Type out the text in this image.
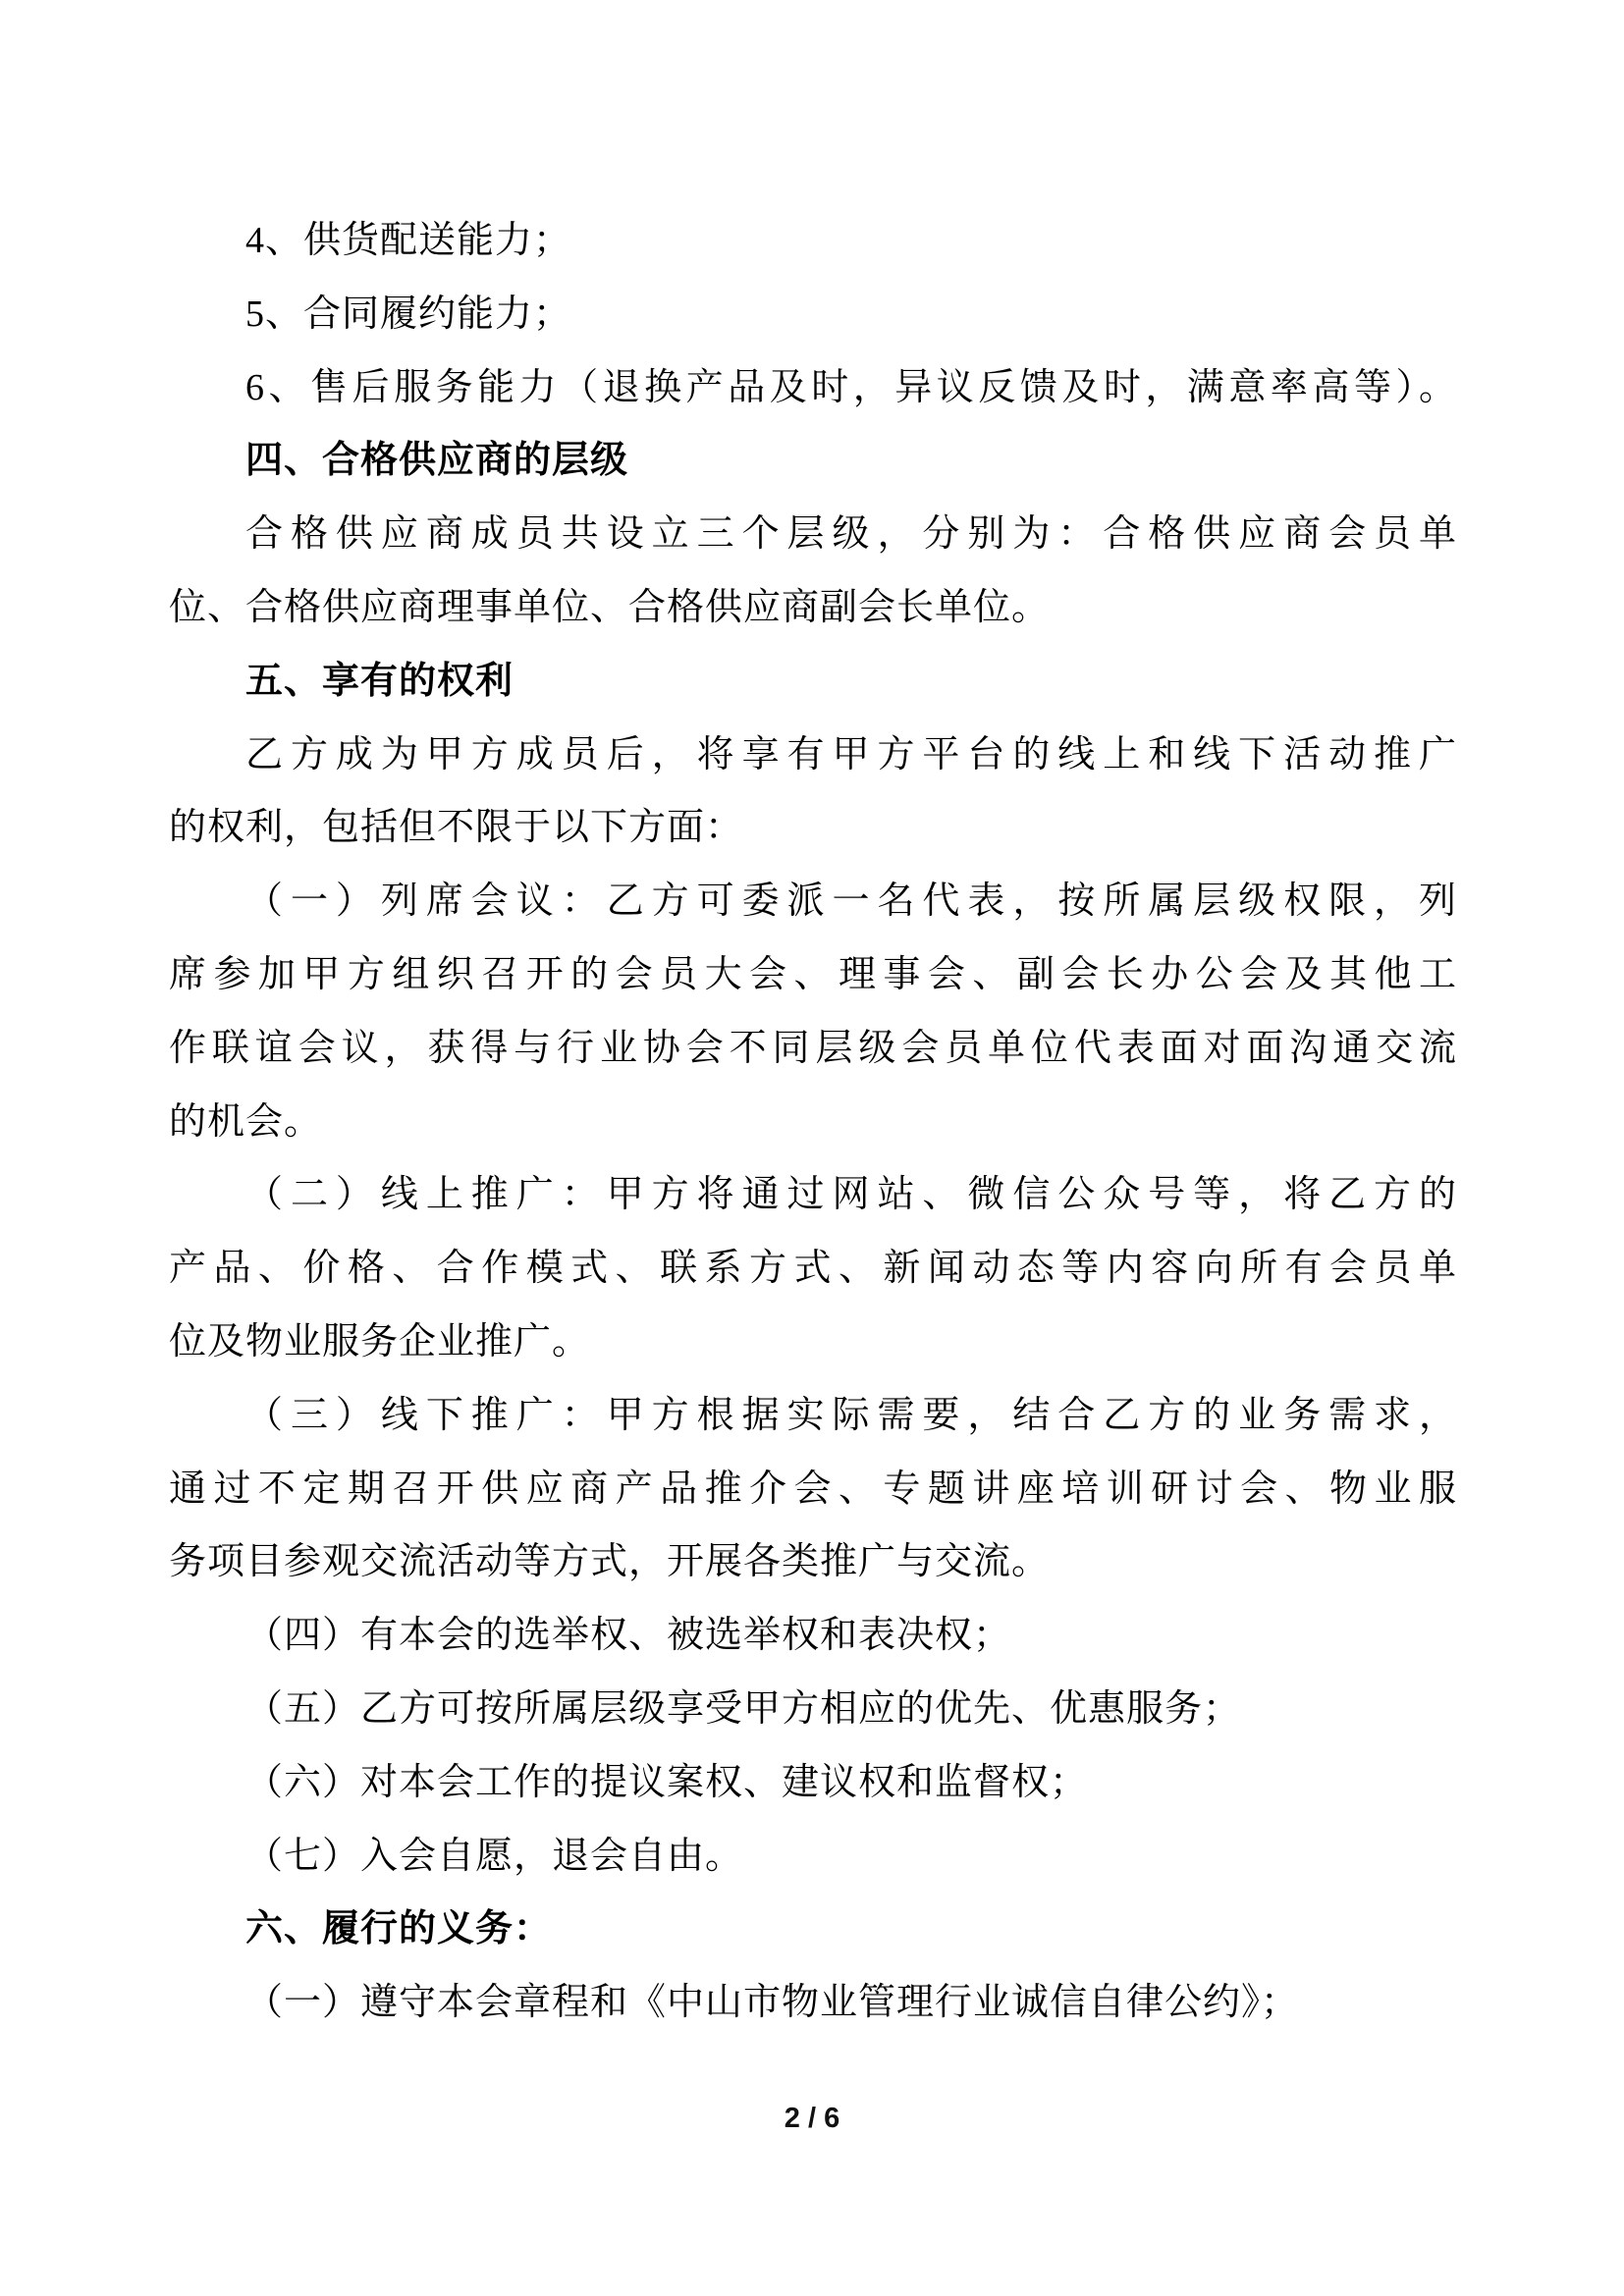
4、供货配送能力；
5、合同履约能力；
6、售后服务能力（退换产品及时，异议反馈及时，满意率高等）。
四、合格供应商的层级
合格供应商成员共设立三个层级，分别为：合格供应商会员单
位、合格供应商理事单位、合格供应商副会长单位。
五、享有的权利
乙方成为甲方成员后，将享有甲方平台的线上和线下活动推广
的权利，包括但不限于以下方面：
（一）列席会议：乙方可委派一名代表，按所属层级权限，列
席参加甲方组织召开的会员大会、理事会、副会长办公会及其他工
作联谊会议，获得与行业协会不同层级会员单位代表面对面沟通交流
的机会。
（二）线上推广：甲方将通过网站、微信公众号等，将乙方的
产品、价格、合作模式、联系方式、新闻动态等内容向所有会员单
位及物业服务企业推广。
（三）线下推广：甲方根据实际需要，结合乙方的业务需求，
通过不定期召开供应商产品推介会、专题讲座培训研讨会、物业服
务项目参观交流活动等方式，开展各类推广与交流。
（四）有本会的选举权、被选举权和表决权；
（五）乙方可按所属层级享受甲方相应的优先、优惠服务；
（六）对本会工作的提议案权、建议权和监督权；
（七）入会自愿，退会自由。
六、履行的义务：
（一）遵守本会章程和《中山市物业管理行业诚信自律公约》；
2 / 6
